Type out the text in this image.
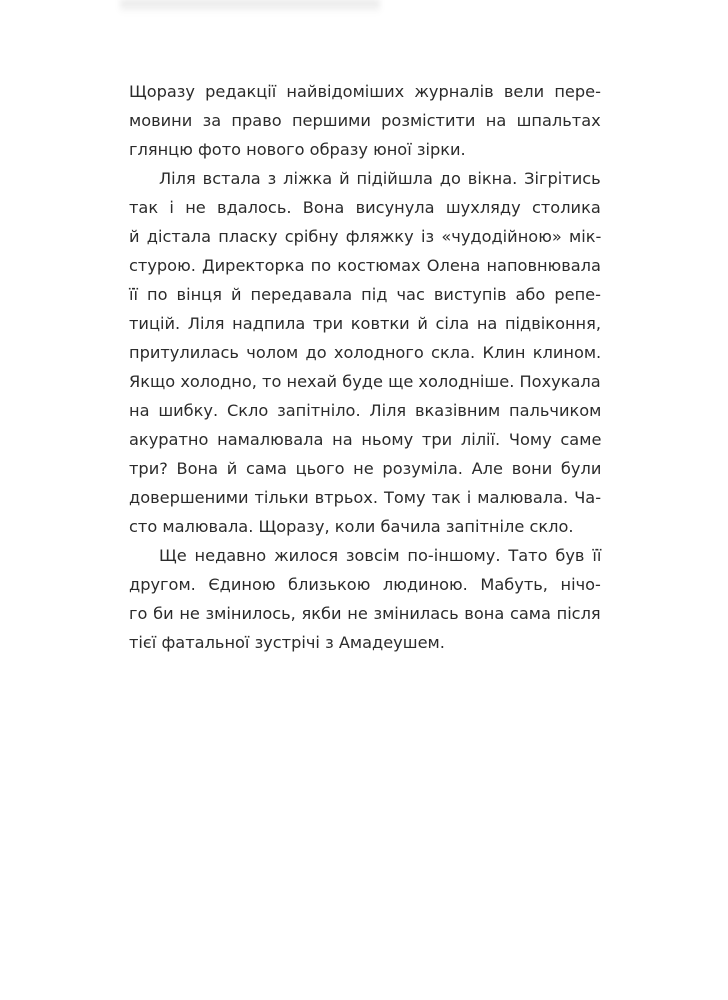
Щоразу редакції найвідоміших журналів вели пере-
мовини за право першими розмістити на шпальтах
глянцю фото нового образу юної зірки.
Ліля встала з ліжка й підійшла до вікна. Зігрітись
так і не вдалось. Вона висунула шухляду столика
й дістала пласку срібну фляжку із «чудодійною» мік-
стурою. Директорка по костюмах Олена наповнювала
її по вінця й передавала під час виступів або репе-
тицій. Ліля надпила три ковтки й сіла на підвіконня,
притулилась чолом до холодного скла. Клин клином.
Якщо холодно, то нехай буде ще холодніше. Похукала
на шибку. Скло запітніло. Ліля вказівним пальчиком
акуратно намалювала на ньому три лілії. Чому саме
три? Вона й сама цього не розуміла. Але вони були
довершеними тільки втрьох. Тому так і малювала. Ча-
сто малювала. Щоразу, коли бачила запітніле скло.
Ще недавно жилося зовсім по-іншому. Тато був її
другом. Єдиною близькою людиною. Мабуть, нічо-
го би не змінилось, якби не змінилась вона сама після
тієї фатальної зустрічі з Амадеушем.
